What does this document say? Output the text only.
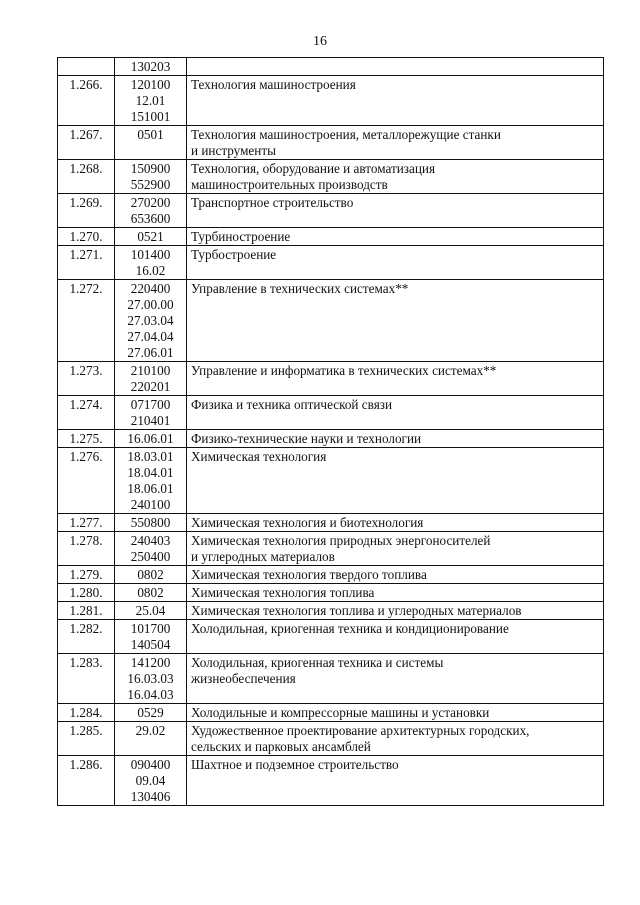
16

	130203	

1.266.	120100
12.01
151001	Технология машиностроения

1.267.	0501	Технология машиностроения, металлорежущие станки
и инструменты

1.268.	150900
552900	Технология, оборудование и автоматизация
машиностроительных производств

1.269.	270200
653600	Транспортное строительство

1.270.	0521	Турбиностроение

1.271.	101400
16.02	Турбостроение

1.272.	220400
27.00.00
27.03.04
27.04.04
27.06.01	Управление в технических системах**

1.273.	210100
220201	Управление и информатика в технических системах**

1.274.	071700
210401	Физика и техника оптической связи

1.275.	16.06.01	Физико-технические науки и технологии

1.276.	18.03.01
18.04.01
18.06.01
240100	Химическая технология

1.277.	550800	Химическая технология и биотехнология

1.278.	240403
250400	Химическая технология природных энергоносителей
и углеродных материалов

1.279.	0802	Химическая технология твердого топлива

1.280.	0802	Химическая технология топлива

1.281.	25.04	Химическая технология топлива и углеродных материалов

1.282.	101700
140504	Холодильная, криогенная техника и кондиционирование

1.283.	141200
16.03.03
16.04.03	Холодильная, криогенная техника и системы
жизнеобеспечения

1.284.	0529	Холодильные и компрессорные машины и установки

1.285.	29.02	Художественное проектирование архитектурных городских,
сельских и парковых ансамблей

1.286.	090400
09.04
130406	Шахтное и подземное строительство
